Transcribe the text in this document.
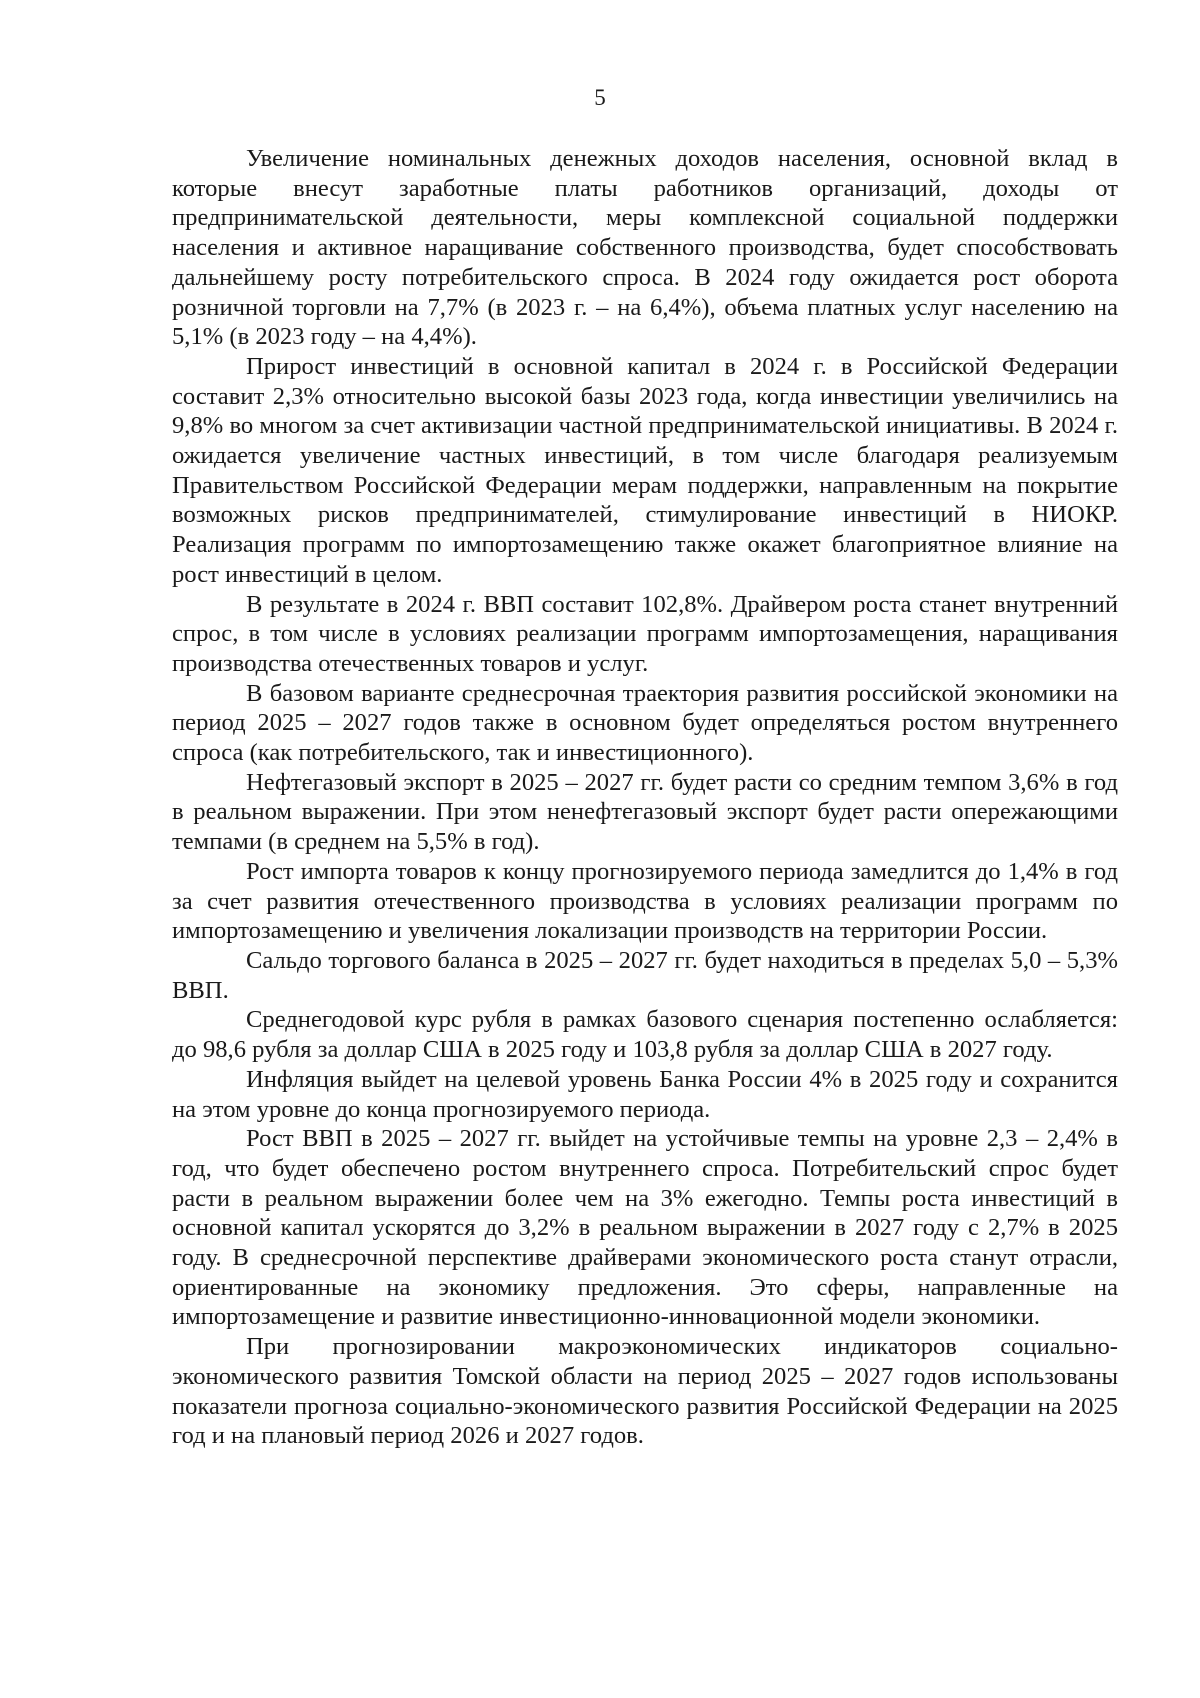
5

Увеличение номинальных денежных доходов населения, основной вклад в которые внесут заработные платы работников организаций, доходы от предпринимательской деятельности, меры комплексной социальной поддержки населения и активное наращивание собственного производства, будет способствовать дальнейшему росту потребительского спроса. В 2024 году ожидается рост оборота розничной торговли на 7,7% (в 2023 г. – на 6,4%), объема платных услуг населению на 5,1% (в 2023 году – на 4,4%).

Прирост инвестиций в основной капитал в 2024 г. в Российской Федерации составит 2,3% относительно высокой базы 2023 года, когда инвестиции увеличились на 9,8% во многом за счет активизации частной предпринимательской инициативы. В 2024 г. ожидается увеличение частных инвестиций, в том числе благодаря реализуемым Правительством Российской Федерации мерам поддержки, направленным на покрытие возможных рисков предпринимателей, стимулирование инвестиций в НИОКР. Реализация программ по импортозамещению также окажет благоприятное влияние на рост инвестиций в целом.

В результате в 2024 г. ВВП составит 102,8%. Драйвером роста станет внутренний спрос, в том числе в условиях реализации программ импортозамещения, наращивания производства отечественных товаров и услуг.

В базовом варианте среднесрочная траектория развития российской экономики на период 2025 – 2027 годов также в основном будет определяться ростом внутреннего спроса (как потребительского, так и инвестиционного).

Нефтегазовый экспорт в 2025 – 2027 гг. будет расти со средним темпом 3,6% в год в реальном выражении. При этом ненефтегазовый экспорт будет расти опережающими темпами (в среднем на 5,5% в год).

Рост импорта товаров к концу прогнозируемого периода замедлится до 1,4% в год за счет развития отечественного производства в условиях реализации программ по импортозамещению и увеличения локализации производств на территории России.

Сальдо торгового баланса в 2025 – 2027 гг. будет находиться в пределах 5,0 – 5,3% ВВП.

Среднегодовой курс рубля в рамках базового сценария постепенно ослабляется: до 98,6 рубля за доллар США в 2025 году и 103,8 рубля за доллар США в 2027 году.

Инфляция выйдет на целевой уровень Банка России 4% в 2025 году и сохранится на этом уровне до конца прогнозируемого периода.

Рост ВВП в 2025 – 2027 гг. выйдет на устойчивые темпы на уровне 2,3 – 2,4% в год, что будет обеспечено ростом внутреннего спроса. Потребительский спрос будет расти в реальном выражении более чем на 3% ежегодно. Темпы роста инвестиций в основной капитал ускорятся до 3,2% в реальном выражении в 2027 году с 2,7% в 2025 году. В среднесрочной перспективе драйверами экономического роста станут отрасли, ориентированные на экономику предложения. Это сферы, направленные на импортозамещение и развитие инвестиционно-инновационной модели экономики.

При прогнозировании макроэкономических индикаторов социально-экономического развития Томской области на период 2025 – 2027 годов использованы показатели прогноза социально-экономического развития Российской Федерации на 2025 год и на плановый период 2026 и 2027 годов.
